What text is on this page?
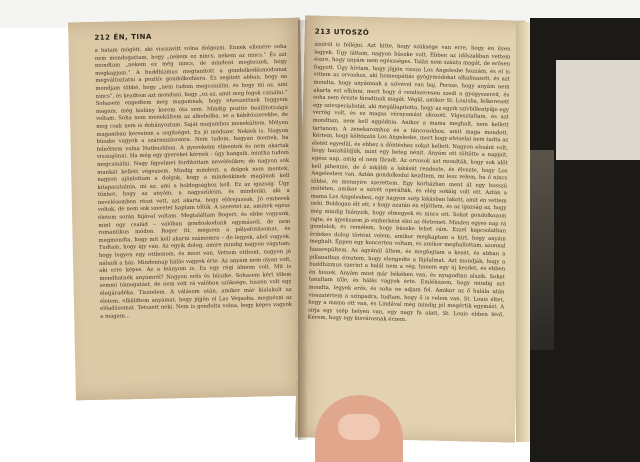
212 ÉN, TINA
a hátam mögött, aki visszavitt volna dolgozni. Ennek ellenére soha nem mondogattam, hogy „nekem ez nincs, nekem az nincs.” És azt mondtam „nekem ez még nincs, de mindent megteszek, hogy megkapjam.” A buddhizmus megtanított a gondolkodásmódomat megváltoztatni a pozitív gondolkodásra. Ez segített abban, hogy ne mondjam többé, hogy „nem tudom megcsinálni, és hogy mi az, ami nincs”, és kezdtem azt mondani, hogy „ez az, amit meg fogok csinálni.” Sohasem engedtem meg magamnak, hogy elveszettnek higgyem magam, még kislány korom óta sem. Mindig pozitív beállítottságú voltam. Soha nem menekültem az alkoholba, se a kábítószerekbe, de meg csak nem is dohányoztam. Saját magamhoz menekültem. Mélyen magamban kerestem a segítséget. Ez jó módszer. Nekiek is. Nagyon büszke vagyok a származásomra. Nem tudom, hogyan mentek, ha felnőttem volna Nutbushban. A gyerekeim elmentek és nem akartak visszajönni. Ha még egy gyereket kérnek – úgy hangzik, mintha tudom megcsinálni. Nagy figyelmet fordítottam nevelésükre; de nagyon sok munkát kellett végezzem. Mindig mindent, a dolgok nem mentek, nagyon ajánlottam a dolgok, hogy a mindenkinek magának kell kitapasztalnia, mi az, ami a boldogsághoz kell. Ez az igazság. Úgy tűnhet, hogy az anyám, a nagyszüleim, és mindenki, aki a nevelésemben részt vett, azt akarta, hogy előrejussak. Jó emberek voltak, de nem sok szeretet kaptam tőlük. A szeretet az, aminek egész életem során híjával voltam. Megtaláltam Rogert, és ebbe vagyunk, mint egy család – valóban gondoskodunk egymásról, de nem romantikus módon. Roger itt, mégsem a pályafutásomat, és megmondta, hogy mit kell akarni számomra – de legyek, ahol vagyok. Tudtam, hogy így van. Az egyik dolog, amire mindig nagyon vágytam, hogy legyen egy otthonom, és most van. Vettem otthont, nagyon jó nálunk a ház. Mindennap hálás vagyok érte. Az anyám nem olyan volt, aki erre képes. Az a leányom is. Ez egy régi álmom volt. Mit is mondhatnék anyámról? Nagyon erős és büszke. Sohasem kért tőlem semmi támogatást, de nem volt rá valóban szüksége, hiszen volt egy életjáradéka. Tisztelem. A válásom után, amikor már kialakult az életem, elküldtem anyámat, hogy jöjjön el Las Vegasba, megnézni az előadásomat. Tetszett neki. Nem is gondolta volna, hogy képes vagyok a magam...
213 UTOSZÓ
szolról is felléjni. Azt hitte, hogy szüksége van erre, hogy én ilyen legyek. Úgy láttam, nagyon büszke volt. Ebben az időszakban vettem észre, hogy anyám nem egészséges. Talán nem szánta magát, de erősen fogyott. Úgy hívtam, hogy jöjjön vissza Los Angelesbe hozzám, és el is vittem az orvoshoz, aki homeopátiás gyógymódokat alkalmazott, és azt mondta, hogy anyámnak a szívével van baj. Persze, hogy anyám nem akarta ezt elhinni, mert hogy ő rendszeresen szedi a gyógyszereit, és soha nem érezte fáradtnak magát. Végül, amikor St. Louisba, felkeresett egy szívspecialistát, aki megállapította, hogy az egyik szívbillentyűje egy vérrög volt, és ez magas vérnyomást okozott. Vigasztaltam, és azt mondtam, nem kell aggódnia. Anikor a mama meghalt, nem kellett tartanom. A zenekaromhoz és a táncosokhoz, amit maga mondott. Kértem, hogy költözzön Los Angelesbe, mert hogy elviselni nem tudta az életét egyedül, és ehhez a döntéshez sokat kellett. Nagyon elszánt volt, hogy hazaküldjük, mint egy beteg nénit. Anyám ott töltötte a napjait, egész nap, amíg el nem fáradt. Az orvosok azt mondták, hogy sok időt kell pihennie, de ő inkább a lakását rendezte, és élvezte, hogy Los Angelesben van. Aztán gondolkodni kezdtem, mi lesz velem, ha ő nincs többé, és mennyire szerettem. Egy kórházban ment át egy hosszú műtéten, amikor a szívét operálták, és elég sokáig volt ott. Aztán a mama Los Angelesben, egy nagyon szép lakásban lakott, amit én vettem neki. Boldogan élt ott, s hogy azután én eljöttem, és az igazság az, hogy még mindig hiányzik, hogy elmegyek és nincs ott. Sokat gondolkozom rajta, és igyekszem jó emberként élni az életemet. Minden egyes nap rá gondolok, és remélem, hogy büszke lehet rám. Ezzel kapcsolatban érdekes dolog történt velem, amikor megkaptam a hírt, hogy anyám meghalt. Éppen egy koncerten voltam, és amikor meghallottam, azonnal hazarepültem. Az ágyánál ültem, és megfogtam a kezét, és abban a pillanatban éreztem, hogy elengedte a fájdalmat. Azt mondják, hogy a buddhizmus szerint a halál nem a vég, hanem egy új kezdet, és ebben én hiszek. Anyám most már békében van, és nyugodtan alszik. Sokat tanultam tőle, és hálás vagyok érte. Emlékszem, hogy mindig azt mondta, legyek erős, és soha ne adjam fel. Amikor az ő halála után visszatértem a színpadra, tudtam, hogy ő is velem van. St. Louis éltet, hogy a mama ott van, és Lindával még mindig jól megértik egymást. A sírja egy szép helyen van, egy nagy fa alatt, St. Louis ebben lévő. Kérem, hogy egy kisvárosnak érzem.
